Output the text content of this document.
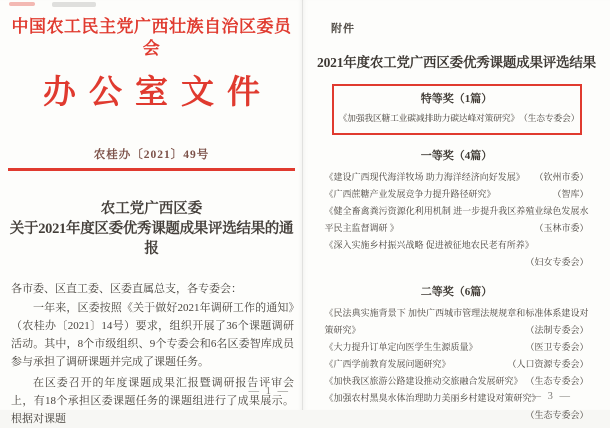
中国农工民主党广西壮族自治区委员会
办公室文件
农桂办〔2021〕49号
农工党广西区委
关于2021年度区委优秀课题成果评选结果的通报
各市委、区直工委、区委直属总支，各专委会：
一年来，区委按照《关于做好2021年调研工作的通知》（农桂办〔2021〕14号）要求，组织开展了36个课题调研活动。其中，8个市级组织、9个专委会和6名区委智库成员参与承担了调研课题并完成了课题任务。
在区委召开的年度课题成果汇报暨调研报告评审会上，有18个承担区委课题任务的课题组进行了成果展示。根据对课题
— 1 —
附件
2021年度农工党广西区委优秀课题成果评选结果
特等奖（1篇）
《加强我区糖工业碳减排助力碳达峰对策研究》 （生态专委会）
一等奖（4篇）
《建设广西现代海洋牧场 助力海洋经济向好发展》 （钦州市委）
《广西蔗糖产业发展竞争力提升路径研究》	（智库）
《健全畜禽粪污资源化利用机制 进一步提升我区养殖业绿色发展水平民主监督调研 》	（玉林市委）
《深入实施乡村振兴战略 促进被征地农民老有所养》
（妇女专委会）
二等奖（6篇）
《民法典实施背景下 加快广西城市管理法规规章和标准体系建设对策研究》	（法制专委会）
《大力提升订单定向医学生生源质量》	（医卫专委会）
《广西学前教育发展问题研究》	（人口资源专委会）
《加快我区旅游公路建设推动交旅融合发展研究》 （生态专委会）
《加强农村黑臭水体治理助力美丽乡村建设对策研究》
（生态专委会）
— 3 —
